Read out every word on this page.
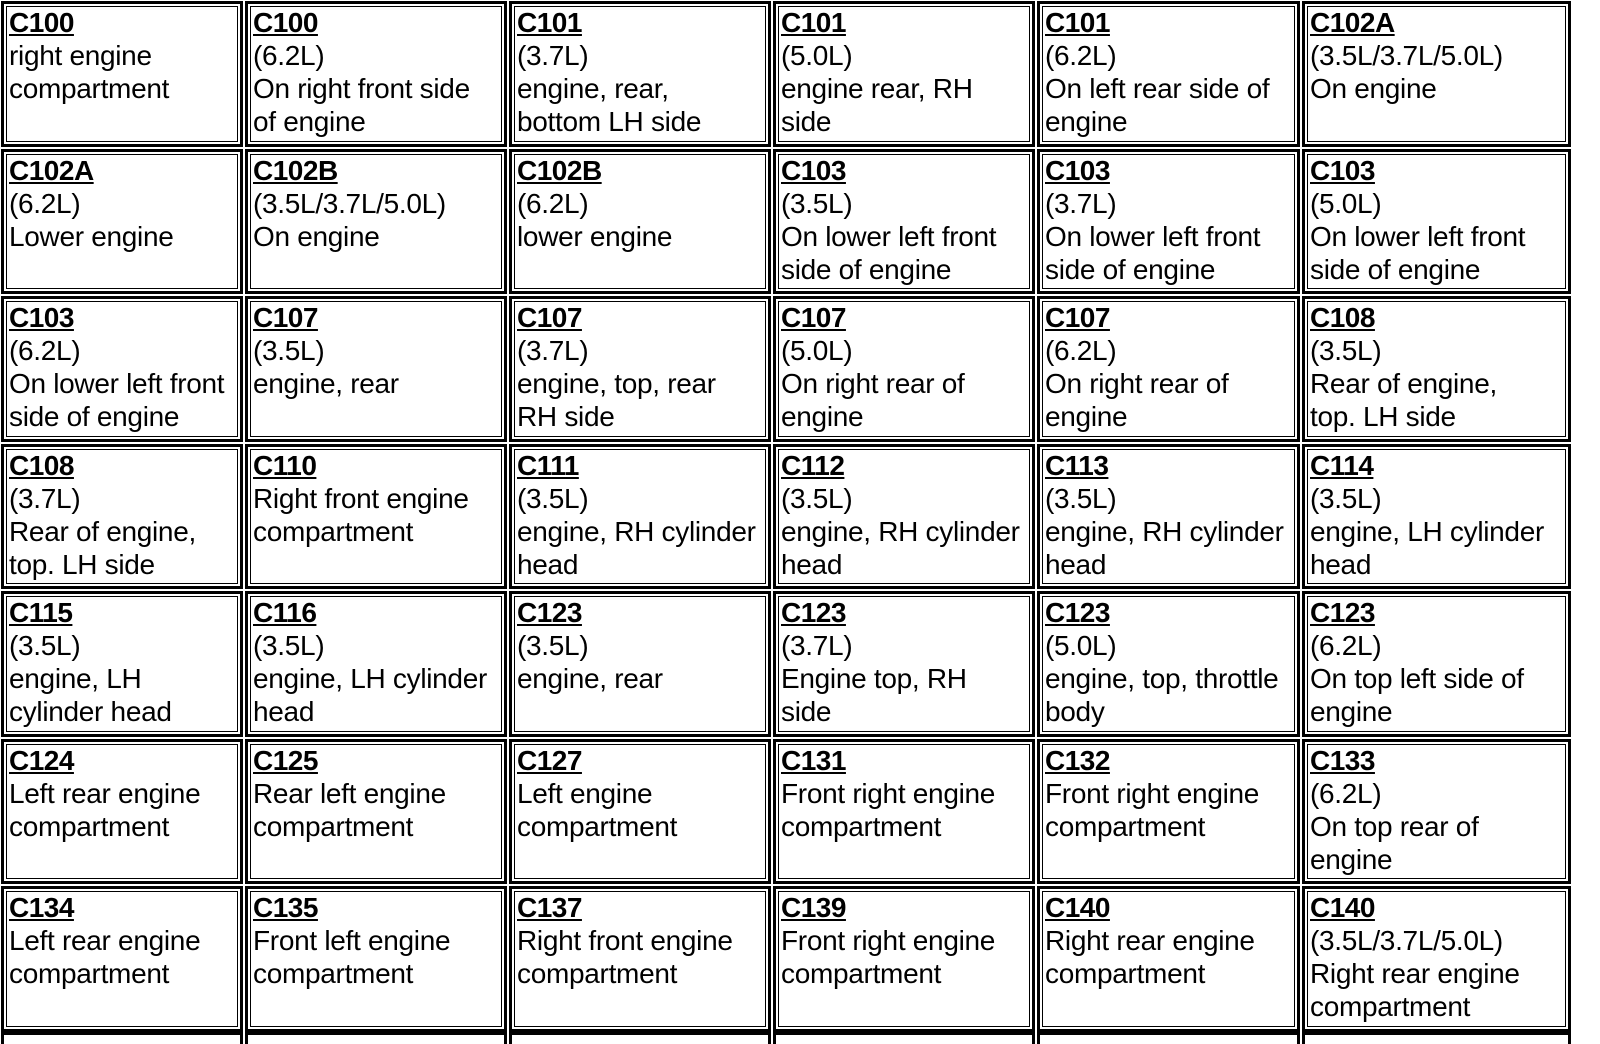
C100
right engine
compartment
C100
(6.2L)
On right front side
of engine
C101
(3.7L)
engine, rear,
bottom LH side
C101
(5.0L)
engine rear, RH
side
C101
(6.2L)
On left rear side of
engine
C102A
(3.5L/3.7L/5.0L)
On engine
C102A
(6.2L)
Lower engine
C102B
(3.5L/3.7L/5.0L)
On engine
C102B
(6.2L)
lower engine
C103
(3.5L)
On lower left front
side of engine
C103
(3.7L)
On lower left front
side of engine
C103
(5.0L)
On lower left front
side of engine
C103
(6.2L)
On lower left front
side of engine
C107
(3.5L)
engine, rear
C107
(3.7L)
engine, top, rear
RH side
C107
(5.0L)
On right rear of
engine
C107
(6.2L)
On right rear of
engine
C108
(3.5L)
Rear of engine,
top. LH side
C108
(3.7L)
Rear of engine,
top. LH side
C110
Right front engine
compartment
C111
(3.5L)
engine, RH cylinder
head
C112
(3.5L)
engine, RH cylinder
head
C113
(3.5L)
engine, RH cylinder
head
C114
(3.5L)
engine, LH cylinder
head
C115
(3.5L)
engine, LH
cylinder head
C116
(3.5L)
engine, LH cylinder
head
C123
(3.5L)
engine, rear
C123
(3.7L)
Engine top, RH
side
C123
(5.0L)
engine, top, throttle
body
C123
(6.2L)
On top left side of
engine
C124
Left rear engine
compartment
C125
Rear left engine
compartment
C127
Left engine
compartment
C131
Front right engine
compartment
C132
Front right engine
compartment
C133
(6.2L)
On top rear of
engine
C134
Left rear engine
compartment
C135
Front left engine
compartment
C137
Right front engine
compartment
C139
Front right engine
compartment
C140
Right rear engine
compartment
C140
(3.5L/3.7L/5.0L)
Right rear engine
compartment
